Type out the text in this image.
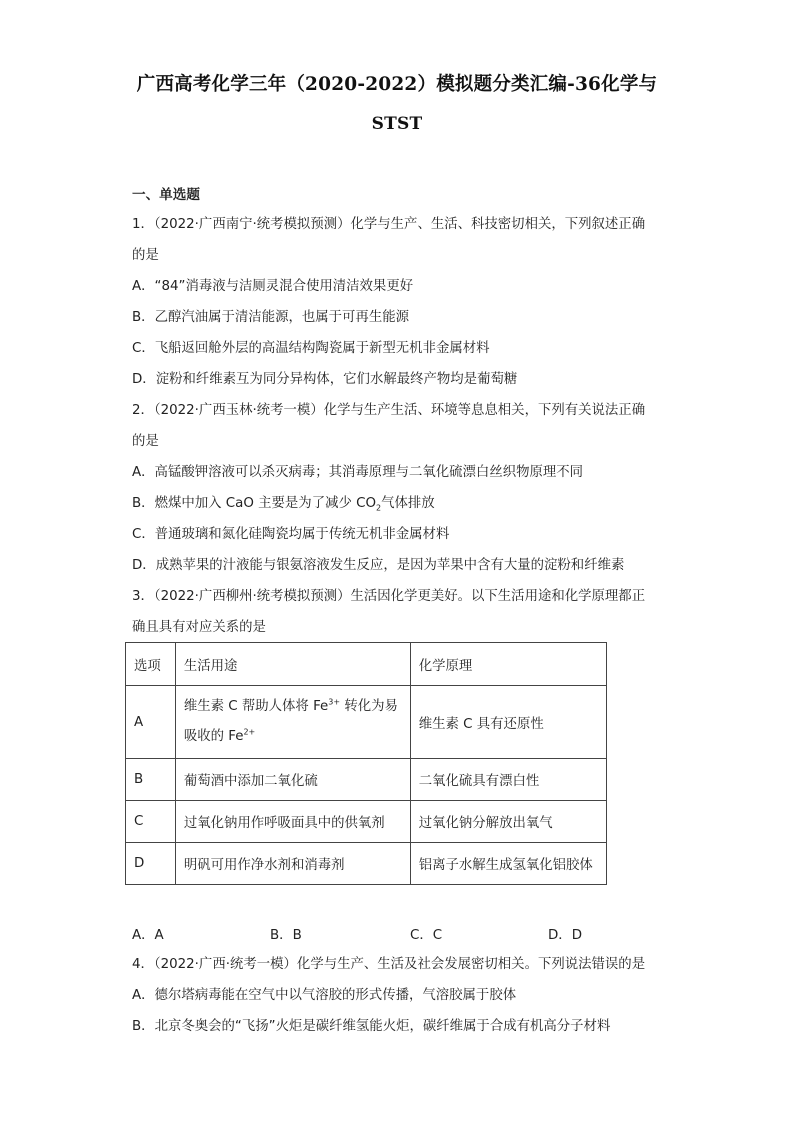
广西高考化学三年（2020-2022）模拟题分类汇编-36化学与
STST
一、单选题
1．（2022·广西南宁·统考模拟预测）化学与生产、生活、科技密切相关，下列叙述正确
的是
A．“84”消毒液与洁厕灵混合使用清洁效果更好
B．乙醇汽油属于清洁能源，也属于可再生能源
C．飞船返回舱外层的高温结构陶瓷属于新型无机非金属材料
D．淀粉和纤维素互为同分异构体，它们水解最终产物均是葡萄糖
2．（2022·广西玉林·统考一模）化学与生产生活、环境等息息相关，下列有关说法正确
的是
A．高锰酸钾溶液可以杀灭病毒；其消毒原理与二氧化硫漂白丝织物原理不同
B．燃煤中加入 CaO 主要是为了减少 $CO_2$气体排放
C．普通玻璃和氮化硅陶瓷均属于传统无机非金属材料
D．成熟苹果的汁液能与银氨溶液发生反应，是因为苹果中含有大量的淀粉和纤维素
3．（2022·广西柳州·统考模拟预测）生活因化学更美好。以下生活用途和化学原理都正
确且具有对应关系的是
选项	生活用途	化学原理
A	维生素 C 帮助人体将 $Fe^{3+}$ 转化为易
吸收的 $Fe^{2+}$	维生素 C 具有还原性
B	葡萄酒中添加二氧化硫	二氧化硫具有漂白性
C	过氧化钠用作呼吸面具中的供氧剂	过氧化钠分解放出氧气
D	明矾可用作净水剂和消毒剂	铝离子水解生成氢氧化铝胶体
A．A	B．B	C．C	D．D
4．（2022·广西·统考一模）化学与生产、生活及社会发展密切相关。下列说法错误的是
A．德尔塔病毒能在空气中以气溶胶的形式传播，气溶胶属于胶体
B．北京冬奥会的“飞扬”火炬是碳纤维氢能火炬，碳纤维属于合成有机高分子材料
